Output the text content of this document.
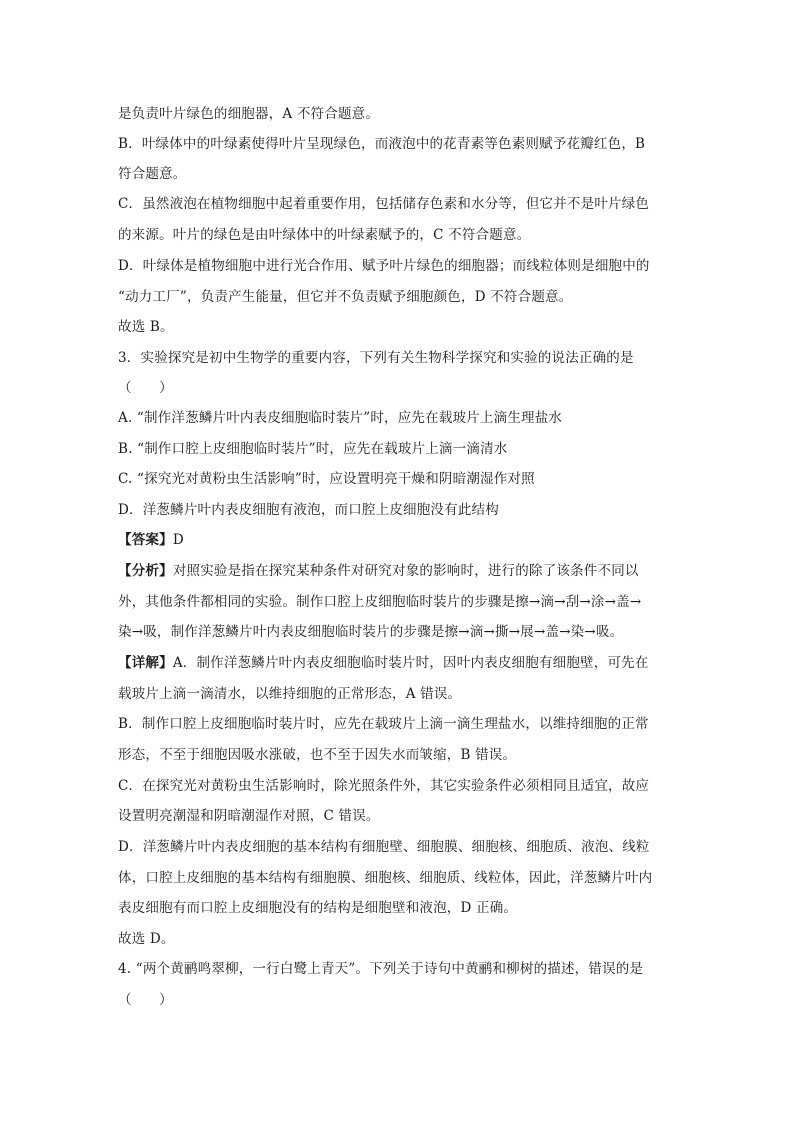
是负责叶片绿色的细胞器，A 不符合题意。
B．叶绿体中的叶绿素使得叶片呈现绿色，而液泡中的花青素等色素则赋予花瓣红色，B
符合题意。
C．虽然液泡在植物细胞中起着重要作用，包括储存色素和水分等，但它并不是叶片绿色
的来源。叶片的绿色是由叶绿体中的叶绿素赋予的，C 不符合题意。
D．叶绿体是植物细胞中进行光合作用、赋予叶片绿色的细胞器；而线粒体则是细胞中的
“动力工厂”，负责产生能量，但它并不负责赋予细胞颜色，D 不符合题意。
故选 B。
3．实验探究是初中生物学的重要内容，下列有关生物科学探究和实验的说法正确的是
（　　）
A. “制作洋葱鳞片叶内表皮细胞临时装片”时，应先在载玻片上滴生理盐水
B. “制作口腔上皮细胞临时装片”时，应先在载玻片上滴一滴清水
C. “探究光对黄粉虫生活影响”时，应设置明亮干燥和阴暗潮湿作对照
D．洋葱鳞片叶内表皮细胞有液泡，而口腔上皮细胞没有此结构
【答案】D
【分析】对照实验是指在探究某种条件对研究对象的影响时，进行的除了该条件不同以
外，其他条件都相同的实验。制作口腔上皮细胞临时装片的步骤是擦→滴→刮→涂→盖→
染→吸，制作洋葱鳞片叶内表皮细胞临时装片的步骤是擦→滴→撕→展→盖→染→吸。
【详解】A．制作洋葱鳞片叶内表皮细胞临时装片时，因叶内表皮细胞有细胞壁，可先在
载玻片上滴一滴清水，以维持细胞的正常形态，A 错误。
B．制作口腔上皮细胞临时装片时，应先在载玻片上滴一滴生理盐水，以维持细胞的正常
形态，不至于细胞因吸水涨破，也不至于因失水而皱缩，B 错误。
C．在探究光对黄粉虫生活影响时，除光照条件外，其它实验条件必须相同且适宜，故应
设置明亮潮湿和阴暗潮湿作对照，C 错误。
D．洋葱鳞片叶内表皮细胞的基本结构有细胞壁、细胞膜、细胞核、细胞质、液泡、线粒
体，口腔上皮细胞的基本结构有细胞膜、细胞核、细胞质、线粒体，因此，洋葱鳞片叶内
表皮细胞有而口腔上皮细胞没有的结构是细胞壁和液泡，D 正确。
故选 D。
4. “两个黄鹂鸣翠柳，一行白鹭上青天”。下列关于诗句中黄鹂和柳树的描述，错误的是
（　　）
